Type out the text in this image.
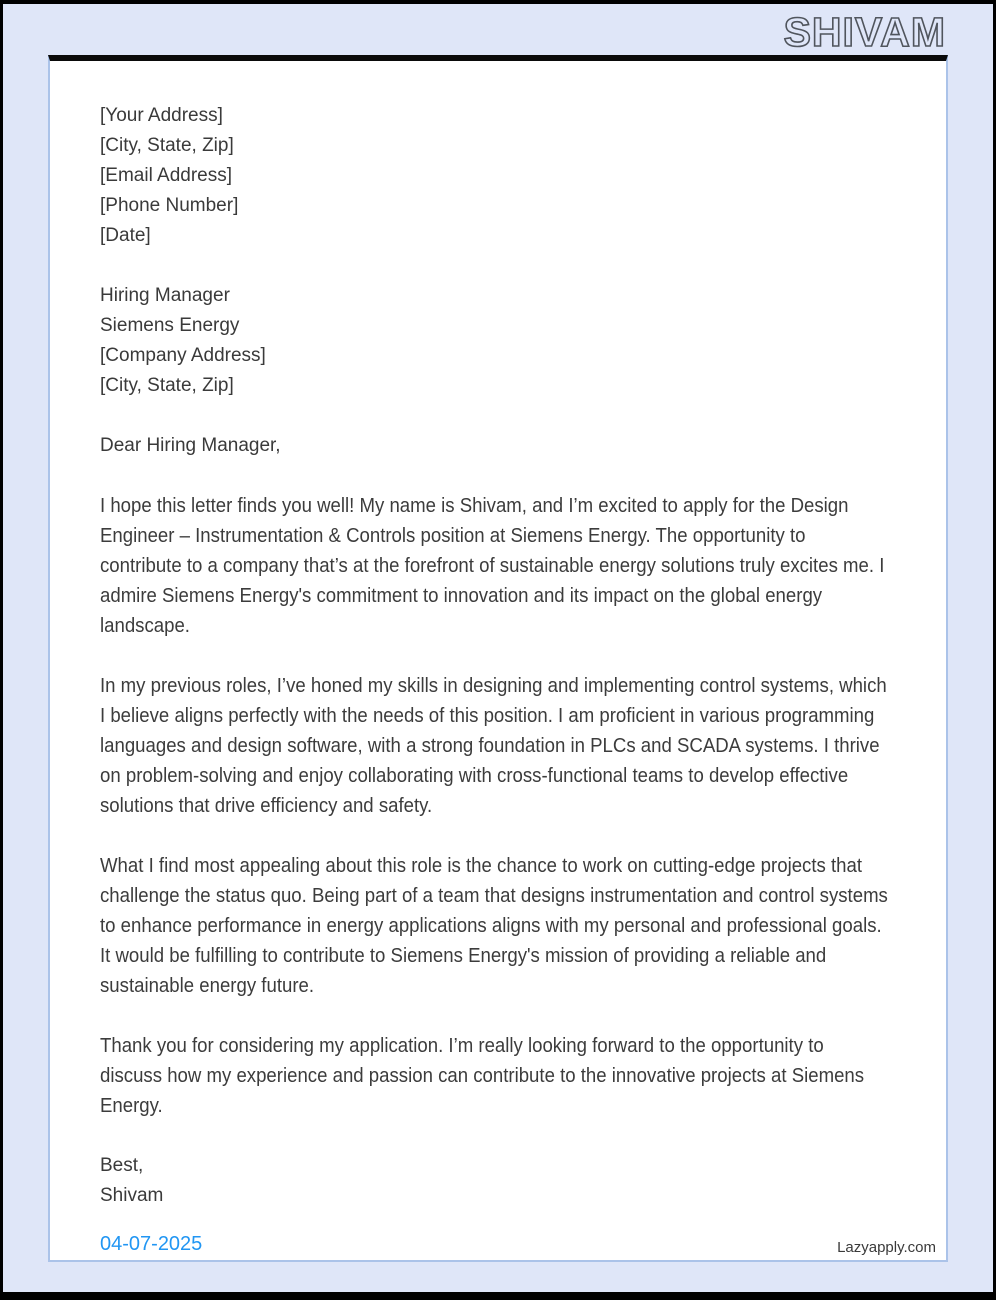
SHIVAM
[Your Address]
[City, State, Zip]
[Email Address]
[Phone Number]
[Date]
Hiring Manager
Siemens Energy
[Company Address]
[City, State, Zip]
Dear Hiring Manager,

I hope this letter finds you well! My name is Shivam, and I’m excited to apply for the Design Engineer – Instrumentation & Controls position at Siemens Energy. The opportunity to contribute to a company that’s at the forefront of sustainable energy solutions truly excites me. I admire Siemens Energy's commitment to innovation and its impact on the global energy landscape.

In my previous roles, I’ve honed my skills in designing and implementing control systems, which I believe aligns perfectly with the needs of this position. I am proficient in various programming languages and design software, with a strong foundation in PLCs and SCADA systems. I thrive on problem-solving and enjoy collaborating with cross-functional teams to develop effective solutions that drive efficiency and safety.

What I find most appealing about this role is the chance to work on cutting-edge projects that challenge the status quo. Being part of a team that designs instrumentation and control systems to enhance performance in energy applications aligns with my personal and professional goals. It would be fulfilling to contribute to Siemens Energy's mission of providing a reliable and sustainable energy future.

Thank you for considering my application. I’m really looking forward to the opportunity to discuss how my experience and passion can contribute to the innovative projects at Siemens Energy.

Best,
Shivam
04-07-2025	Lazyapply.com
